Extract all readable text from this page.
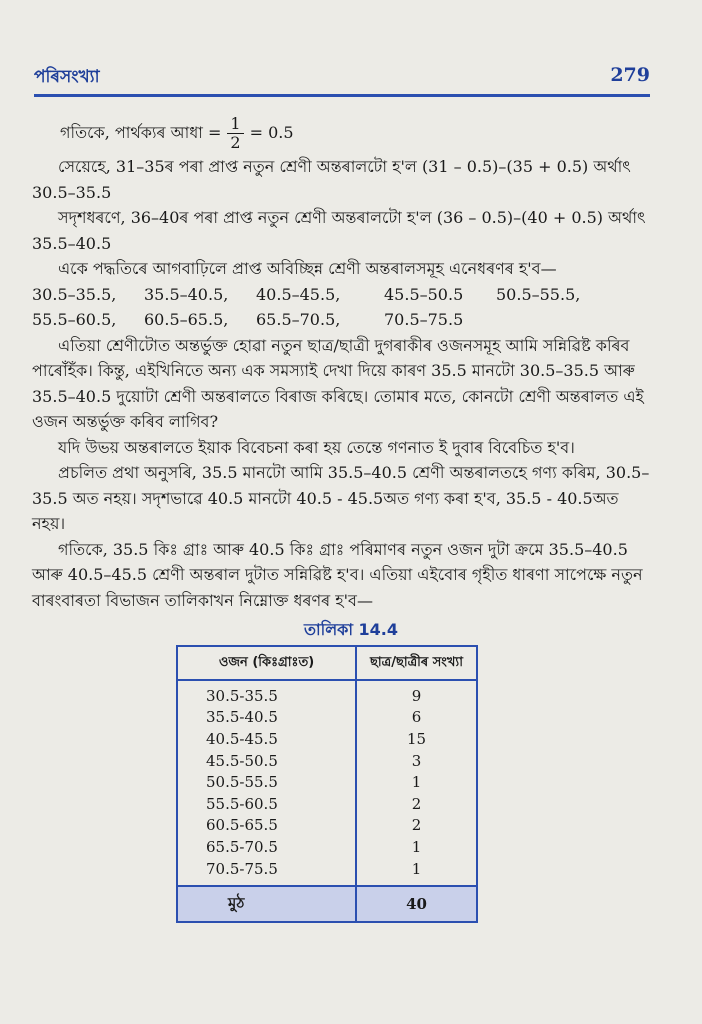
পৰিসংখ্যা	279
গতিকে, পাৰ্থক্যৰ আধা = $\frac{1}{2} = 0.5$

সেয়েহে, 31–35ৰ পৰা প্ৰাপ্ত নতুন শ্ৰেণী অন্তৰালটো হ'ল (31 – 0.5)–(35 + 0.5) অৰ্থাৎ 30.5–35.5

সদৃশধৰণে, 36–40ৰ পৰা প্ৰাপ্ত নতুন শ্ৰেণী অন্তৰালটো হ'ল (36 – 0.5)–(40 + 0.5) অৰ্থাৎ 35.5–40.5

একে পদ্ধতিৰে আগবাঢ়িলে প্ৰাপ্ত অবিচ্ছিন্ন শ্ৰেণী অন্তৰালসমূহ এনেধৰণৰ হ'ব—

30.5–35.5,	35.5–40.5,	40.5–45.5,	45.5–50.5	50.5–55.5,
55.5–60.5,	60.5–65.5,	65.5–70.5,	70.5–75.5

এতিয়া শ্ৰেণীটোত অন্তৰ্ভুক্ত হোৱা নতুন ছাত্ৰ/ছাত্ৰী দুগৰাকীৰ ওজনসমূহ আমি সন্নিৱিষ্ট কৰিব পাৰোঁহঁক। কিন্তু, এইখিনিতে অন্য এক সমস্যাই দেখা দিয়ে কাৰণ 35.5 মানটো 30.5–35.5 আৰু 35.5–40.5 দুয়োটা শ্ৰেণী অন্তৰালতে বিৰাজ কৰিছে। তোমাৰ মতে, কোনটো শ্ৰেণী অন্তৰালত এই ওজন অন্তৰ্ভুক্ত কৰিব লাগিব?

যদি উভয় অন্তৰালতে ইয়াক বিবেচনা কৰা হয় তেন্তে গণনাত ই দুবাৰ বিবেচিত হ'ব।

প্ৰচলিত প্ৰথা অনুসৰি, 35.5 মানটো আমি 35.5–40.5 শ্ৰেণী অন্তৰালতহে গণ্য কৰিম, 30.5–35.5 অত নহয়। সদৃশভাৱে 40.5 মানটো 40.5 - 45.5অত গণ্য কৰা হ'ব, 35.5 - 40.5অত নহয়।

গতিকে, 35.5 কিঃ গ্ৰাঃ আৰু 40.5 কিঃ গ্ৰাঃ পৰিমাণৰ নতুন ওজন দুটা ক্ৰমে 35.5–40.5 আৰু 40.5–45.5 শ্ৰেণী অন্তৰাল দুটাত সন্নিৱিষ্ট হ'ব। এতিয়া এইবোৰ গৃহীত ধাৰণা সাপেক্ষে নতুন বাৰংবাৰতা বিভাজন তালিকাখন নিম্নোক্ত ধৰণৰ হ'ব—

তালিকা 14.4
ওজন (কিঃগ্ৰাঃত)	ছাত্ৰ/ছাত্ৰীৰ সংখ্যা
30.5-35.5	9
35.5-40.5	6
40.5-45.5	15
45.5-50.5	3
50.5-55.5	1
55.5-60.5	2
60.5-65.5	2
65.5-70.5	1
70.5-75.5	1
মুঠ	40
